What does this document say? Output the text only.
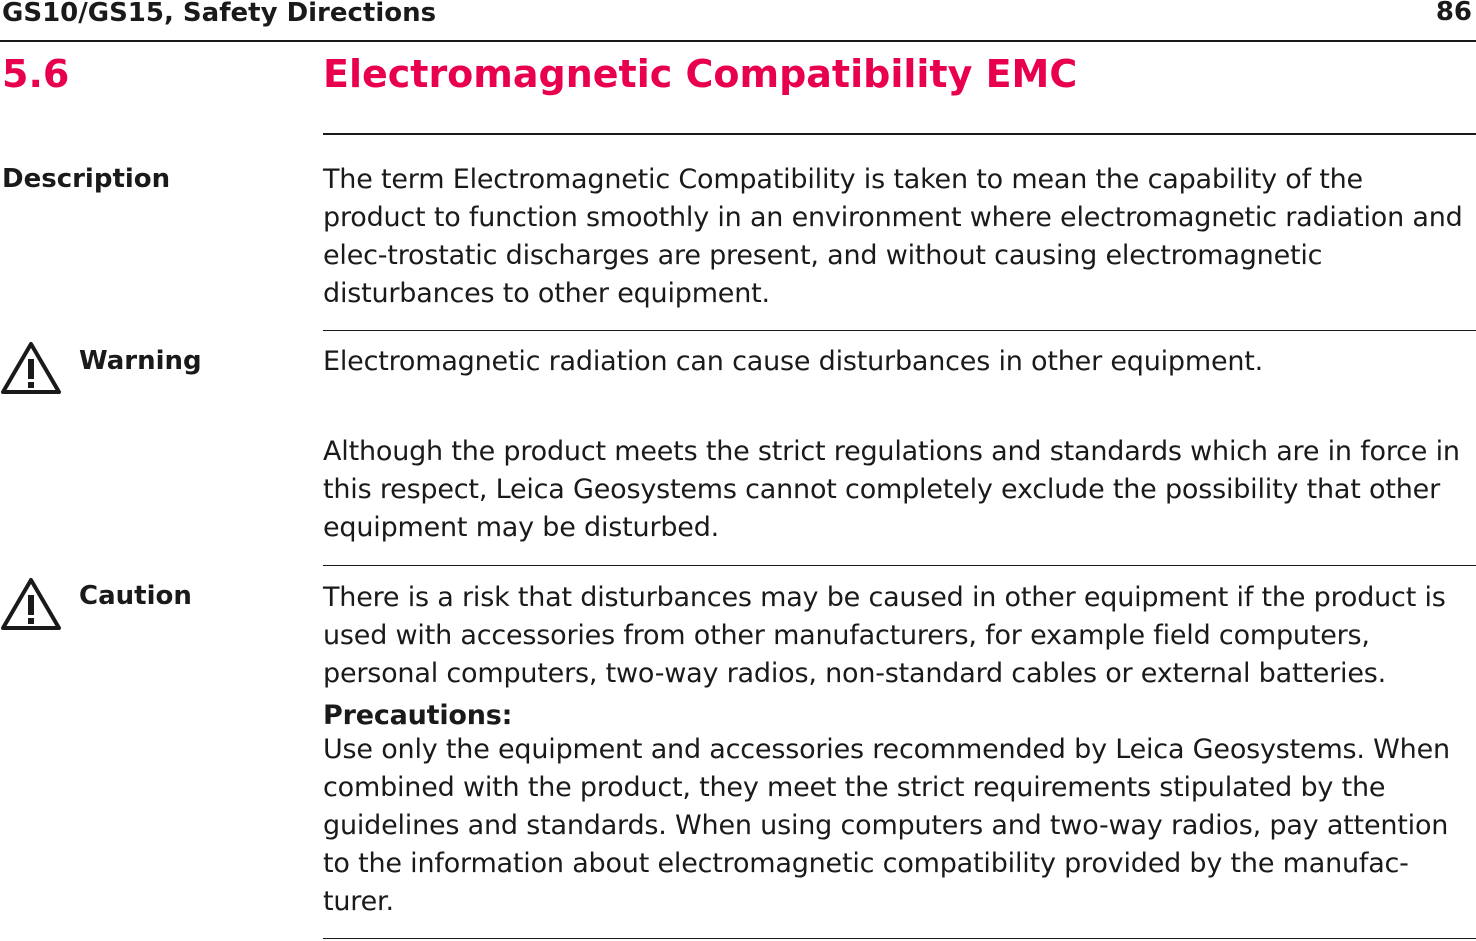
GS10/GS15, Safety Directions	86
5.6	Electromagnetic Compatibility EMC
Description	The term Electromagnetic Compatibility is taken to mean the capability of the product to function smoothly in an environment where electromagnetic radiation and elec-trostatic discharges are present, and without causing electromagnetic disturbances to other equipment.

Warning	Electromagnetic radiation can cause disturbances in other equipment.

Although the product meets the strict regulations and standards which are in force in this respect, Leica Geosystems cannot completely exclude the possibility that other equipment may be disturbed.

Caution	There is a risk that disturbances may be caused in other equipment if the product is used with accessories from other manufacturers, for example field computers, personal computers, two-way radios, non-standard cables or external batteries.

Precautions:

Use only the equipment and accessories recommended by Leica Geosystems. When combined with the product, they meet the strict requirements stipulated by the guidelines and standards. When using computers and two-way radios, pay attention to the information about electromagnetic compatibility provided by the manufac-turer.
